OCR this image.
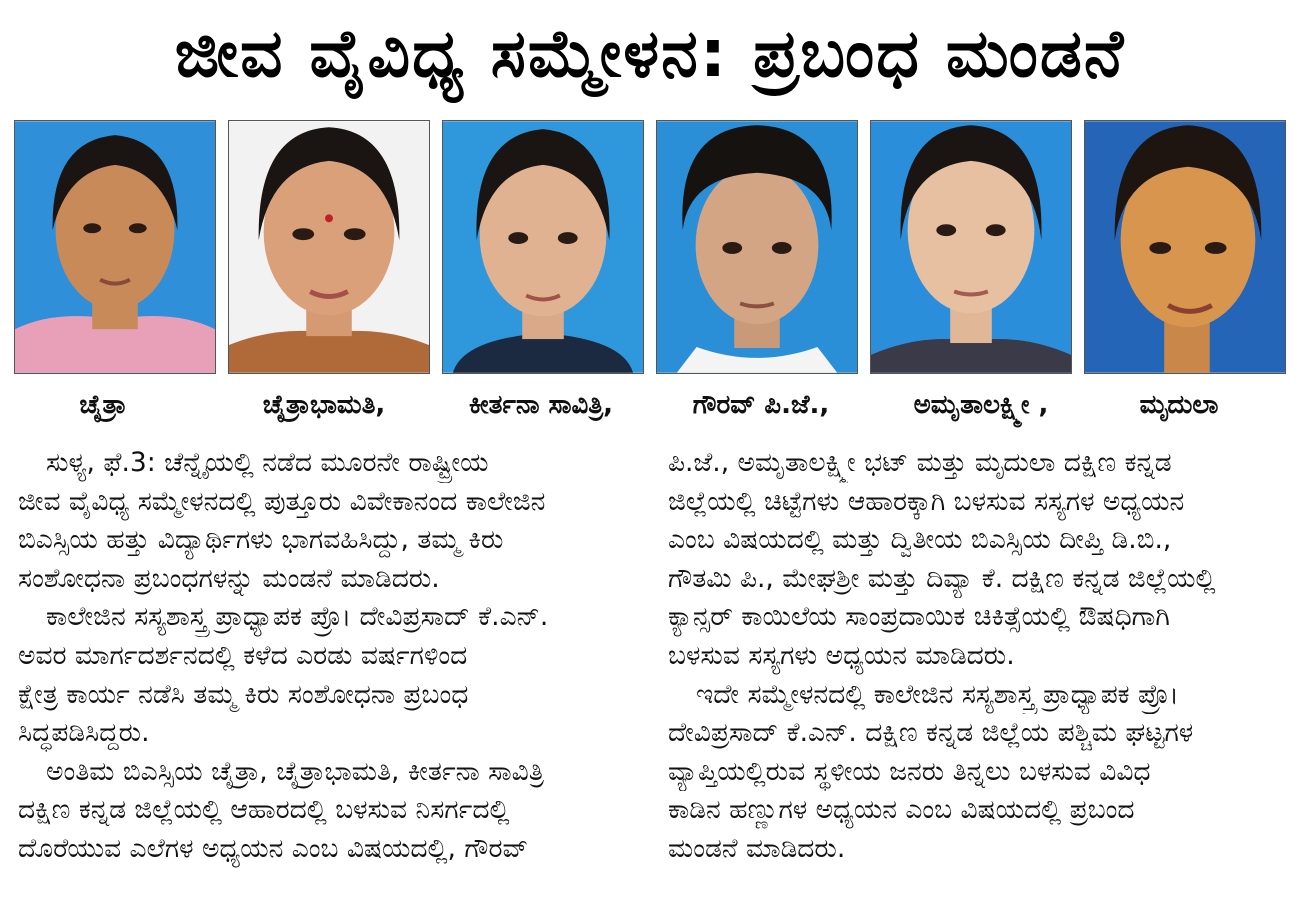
ಜೀವ ವೈವಿಧ್ಯ ಸಮ್ಮೇಳನ: ಪ್ರಬಂಧ ಮಂಡನೆ
ಚೈತ್ರಾ	ಚೈತ್ರಾಭಾಮತಿ,	ಕೀರ್ತನಾ ಸಾವಿತ್ರಿ,	ಗೌರವ್ ಪಿ.ಜೆ.,	ಅಮೃತಾಲಕ್ಷ್ಮೀ ,	ಮೃದುಲಾ
ಸುಳ್ಯ, ಫೆ.3: ಚೆನ್ನೈಯಲ್ಲಿ ನಡೆದ ಮೂರನೇ ರಾಷ್ಟ್ರೀಯ
ಜೀವ ವೈವಿಧ್ಯ ಸಮ್ಮೇಳನದಲ್ಲಿ ಪುತ್ತೂರು ವಿವೇಕಾನಂದ ಕಾಲೇಜಿನ
ಬಿಎಸ್ಸಿಯ ಹತ್ತು ವಿದ್ಯಾರ್ಥಿಗಳು ಭಾಗವಹಿಸಿದ್ದು, ತಮ್ಮ ಕಿರು
ಸಂಶೋಧನಾ ಪ್ರಬಂಧಗಳನ್ನು ಮಂಡನೆ ಮಾಡಿದರು.
ಕಾಲೇಜಿನ ಸಸ್ಯಶಾಸ್ತ್ರ ಪ್ರಾಧ್ಯಾಪಕ ಪ್ರೊ। ದೇವಿಪ್ರಸಾದ್ ಕೆ.ಎನ್.
ಅವರ ಮಾರ್ಗದರ್ಶನದಲ್ಲಿ ಕಳೆದ ಎರಡು ವರ್ಷಗಳಿಂದ
ಕ್ಷೇತ್ರ ಕಾರ್ಯ ನಡೆಸಿ ತಮ್ಮ ಕಿರು ಸಂಶೋಧನಾ ಪ್ರಬಂಧ
ಸಿದ್ಧಪಡಿಸಿದ್ದರು.
ಅಂತಿಮ ಬಿಎಸ್ಸಿಯ ಚೈತ್ರಾ, ಚೈತ್ರಾಭಾಮತಿ, ಕೀರ್ತನಾ ಸಾವಿತ್ರಿ
ದಕ್ಷಿಣ ಕನ್ನಡ ಜಿಲ್ಲೆಯಲ್ಲಿ ಆಹಾರದಲ್ಲಿ ಬಳಸುವ ನಿಸರ್ಗದಲ್ಲಿ
ದೊರೆಯುವ ಎಲೆಗಳ ಅಧ್ಯಯನ ಎಂಬ ವಿಷಯದಲ್ಲಿ, ಗೌರವ್
ಪಿ.ಜೆ., ಅಮೃತಾಲಕ್ಷ್ಮೀ ಭಟ್ ಮತ್ತು ಮೃದುಲಾ ದಕ್ಷಿಣ ಕನ್ನಡ
ಜಿಲ್ಲೆಯಲ್ಲಿ ಚಿಟ್ಟೆಗಳು ಆಹಾರಕ್ಕಾಗಿ ಬಳಸುವ ಸಸ್ಯಗಳ ಅಧ್ಯಯನ
ಎಂಬ ವಿಷಯದಲ್ಲಿ ಮತ್ತು ದ್ವಿತೀಯ ಬಿಎಸ್ಸಿಯ ದೀಪ್ತಿ ಡಿ.ಬಿ.,
ಗೌತಮಿ ಪಿ., ಮೇಘಶ್ರೀ ಮತ್ತು ದಿವ್ಯಾ ಕೆ. ದಕ್ಷಿಣ ಕನ್ನಡ ಜಿಲ್ಲೆಯಲ್ಲಿ
ಕ್ಯಾನ್ಸರ್ ಕಾಯಿಲೆಯ ಸಾಂಪ್ರದಾಯಿಕ ಚಿಕಿತ್ಸೆಯಲ್ಲಿ ಔಷಧಿಗಾಗಿ
ಬಳಸುವ ಸಸ್ಯಗಳು ಅಧ್ಯಯನ ಮಾಡಿದರು.
ಇದೇ ಸಮ್ಮೇಳನದಲ್ಲಿ ಕಾಲೇಜಿನ ಸಸ್ಯಶಾಸ್ತ್ರ ಪ್ರಾಧ್ಯಾಪಕ ಪ್ರೊ।
ದೇವಿಪ್ರಸಾದ್ ಕೆ.ಎನ್. ದಕ್ಷಿಣ ಕನ್ನಡ ಜಿಲ್ಲೆಯ ಪಶ್ಚಿಮ ಘಟ್ಟಗಳ
ವ್ಯಾಪ್ತಿಯಲ್ಲಿರುವ ಸ್ಥಳೀಯ ಜನರು ತಿನ್ನಲು ಬಳಸುವ ವಿವಿಧ
ಕಾಡಿನ ಹಣ್ಣುಗಳ ಅಧ್ಯಯನ ಎಂಬ ವಿಷಯದಲ್ಲಿ ಪ್ರಬಂದ
ಮಂಡನೆ ಮಾಡಿದರು.
